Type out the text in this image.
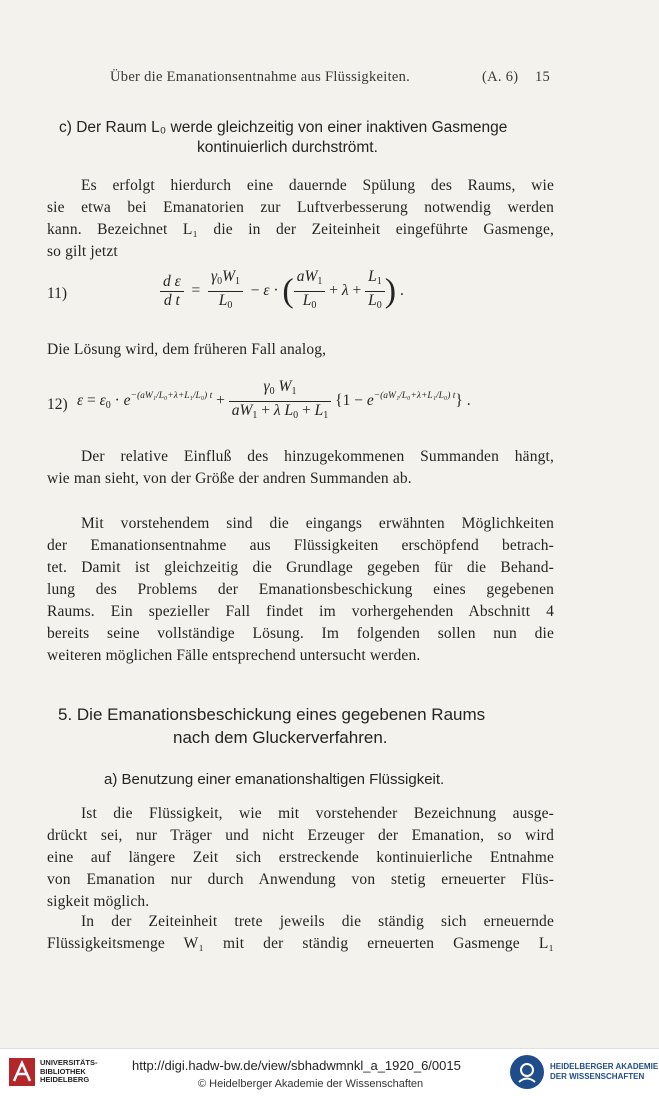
Über die Emanationsentnahme aus Flüssigkeiten.	(A. 6) 15
c) Der Raum L₀ werde gleichzeitig von einer inaktiven Gasmenge
kontinuierlich durchströmt.
Es erfolgt hierdurch eine dauernde Spülung des Raums, wie
sie etwa bei Emanatorien zur Luftverbesserung notwendig werden
kann. Bezeichnet L₁ die in der Zeiteinheit eingeführte Gasmenge,
so gilt jetzt
11)	$\frac{\text{d ε}}{\text{d t}} = \frac{\gamma_0W_1}{L_0} - \varepsilon$ · ( $\frac{aW_1}{L_0} + \lambda + \frac{L_1}{L_0}$ ) .
Die Lösung wird, dem früheren Fall analog,
12) $\varepsilon = \varepsilon_0 \cdot e^{-(aW_1/L_0+\lambda+L_1/L_0) t} + \frac{\gamma_0 W_1}{aW_1 + \lambda L_0 + L_1} \{1 - e^{-(aW_1/L_0+\lambda+L_1/L_0) t}\}$ .
Der relative Einfluß des hinzugekommenen Summanden hängt,
wie man sieht, von der Größe der andren Summanden ab.
Mit vorstehendem sind die eingangs erwähnten Möglichkeiten
der Emanationsentnahme aus Flüssigkeiten erschöpfend betrach-
tet. Damit ist gleichzeitig die Grundlage gegeben für die Behand-
lung des Problems der Emanationsbeschickung eines gegebenen
Raums. Ein spezieller Fall findet im vorhergehenden Abschnitt 4
bereits seine vollständige Lösung. Im folgenden sollen nun die
weiteren möglichen Fälle entsprechend untersucht werden.
5. Die Emanationsbeschickung eines gegebenen Raums
nach dem Gluckerverfahren.
a) Benutzung einer emanationshaltigen Flüssigkeit.
Ist die Flüssigkeit, wie mit vorstehender Bezeichnung ausge-
drückt sei, nur Träger und nicht Erzeuger der Emanation, so wird
eine auf längere Zeit sich erstreckende kontinuierliche Entnahme
von Emanation nur durch Anwendung von stetig erneuerter Flüs-
sigkeit möglich.
In der Zeiteinheit trete jeweils die ständig sich erneuernde
Flüssigkeitsmenge W₁ mit der ständig erneuerten Gasmenge L₁
UNIVERSITÄTS-
BIBLIOTHEK
HEIDELBERG
http://digi.hadw-bw.de/view/sbhadwmnkl_a_1920_6/0015
© Heidelberger Akademie der Wissenschaften
HEIDELBERGER AKADEMIE
DER WISSENSCHAFTEN
